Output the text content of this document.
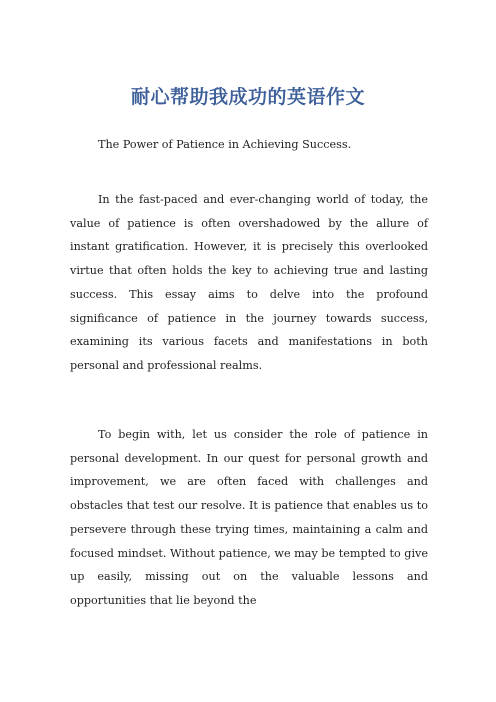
耐心帮助我成功的英语作文
The Power of Patience in Achieving Success.
In the fast-paced and ever-changing world of today, the value of patience is often overshadowed by the allure of instant gratification. However, it is precisely this overlooked virtue that often holds the key to achieving true and lasting success. This essay aims to delve into the profound significance of patience in the journey towards success, examining its various facets and manifestations in both personal and professional realms.
To begin with, let us consider the role of patience in personal development. In our quest for personal growth and improvement, we are often faced with challenges and obstacles that test our resolve. It is patience that enables us to persevere through these trying times, maintaining a calm and focused mindset. Without patience, we may be tempted to give up easily, missing out on the valuable lessons and opportunities that lie beyond the
